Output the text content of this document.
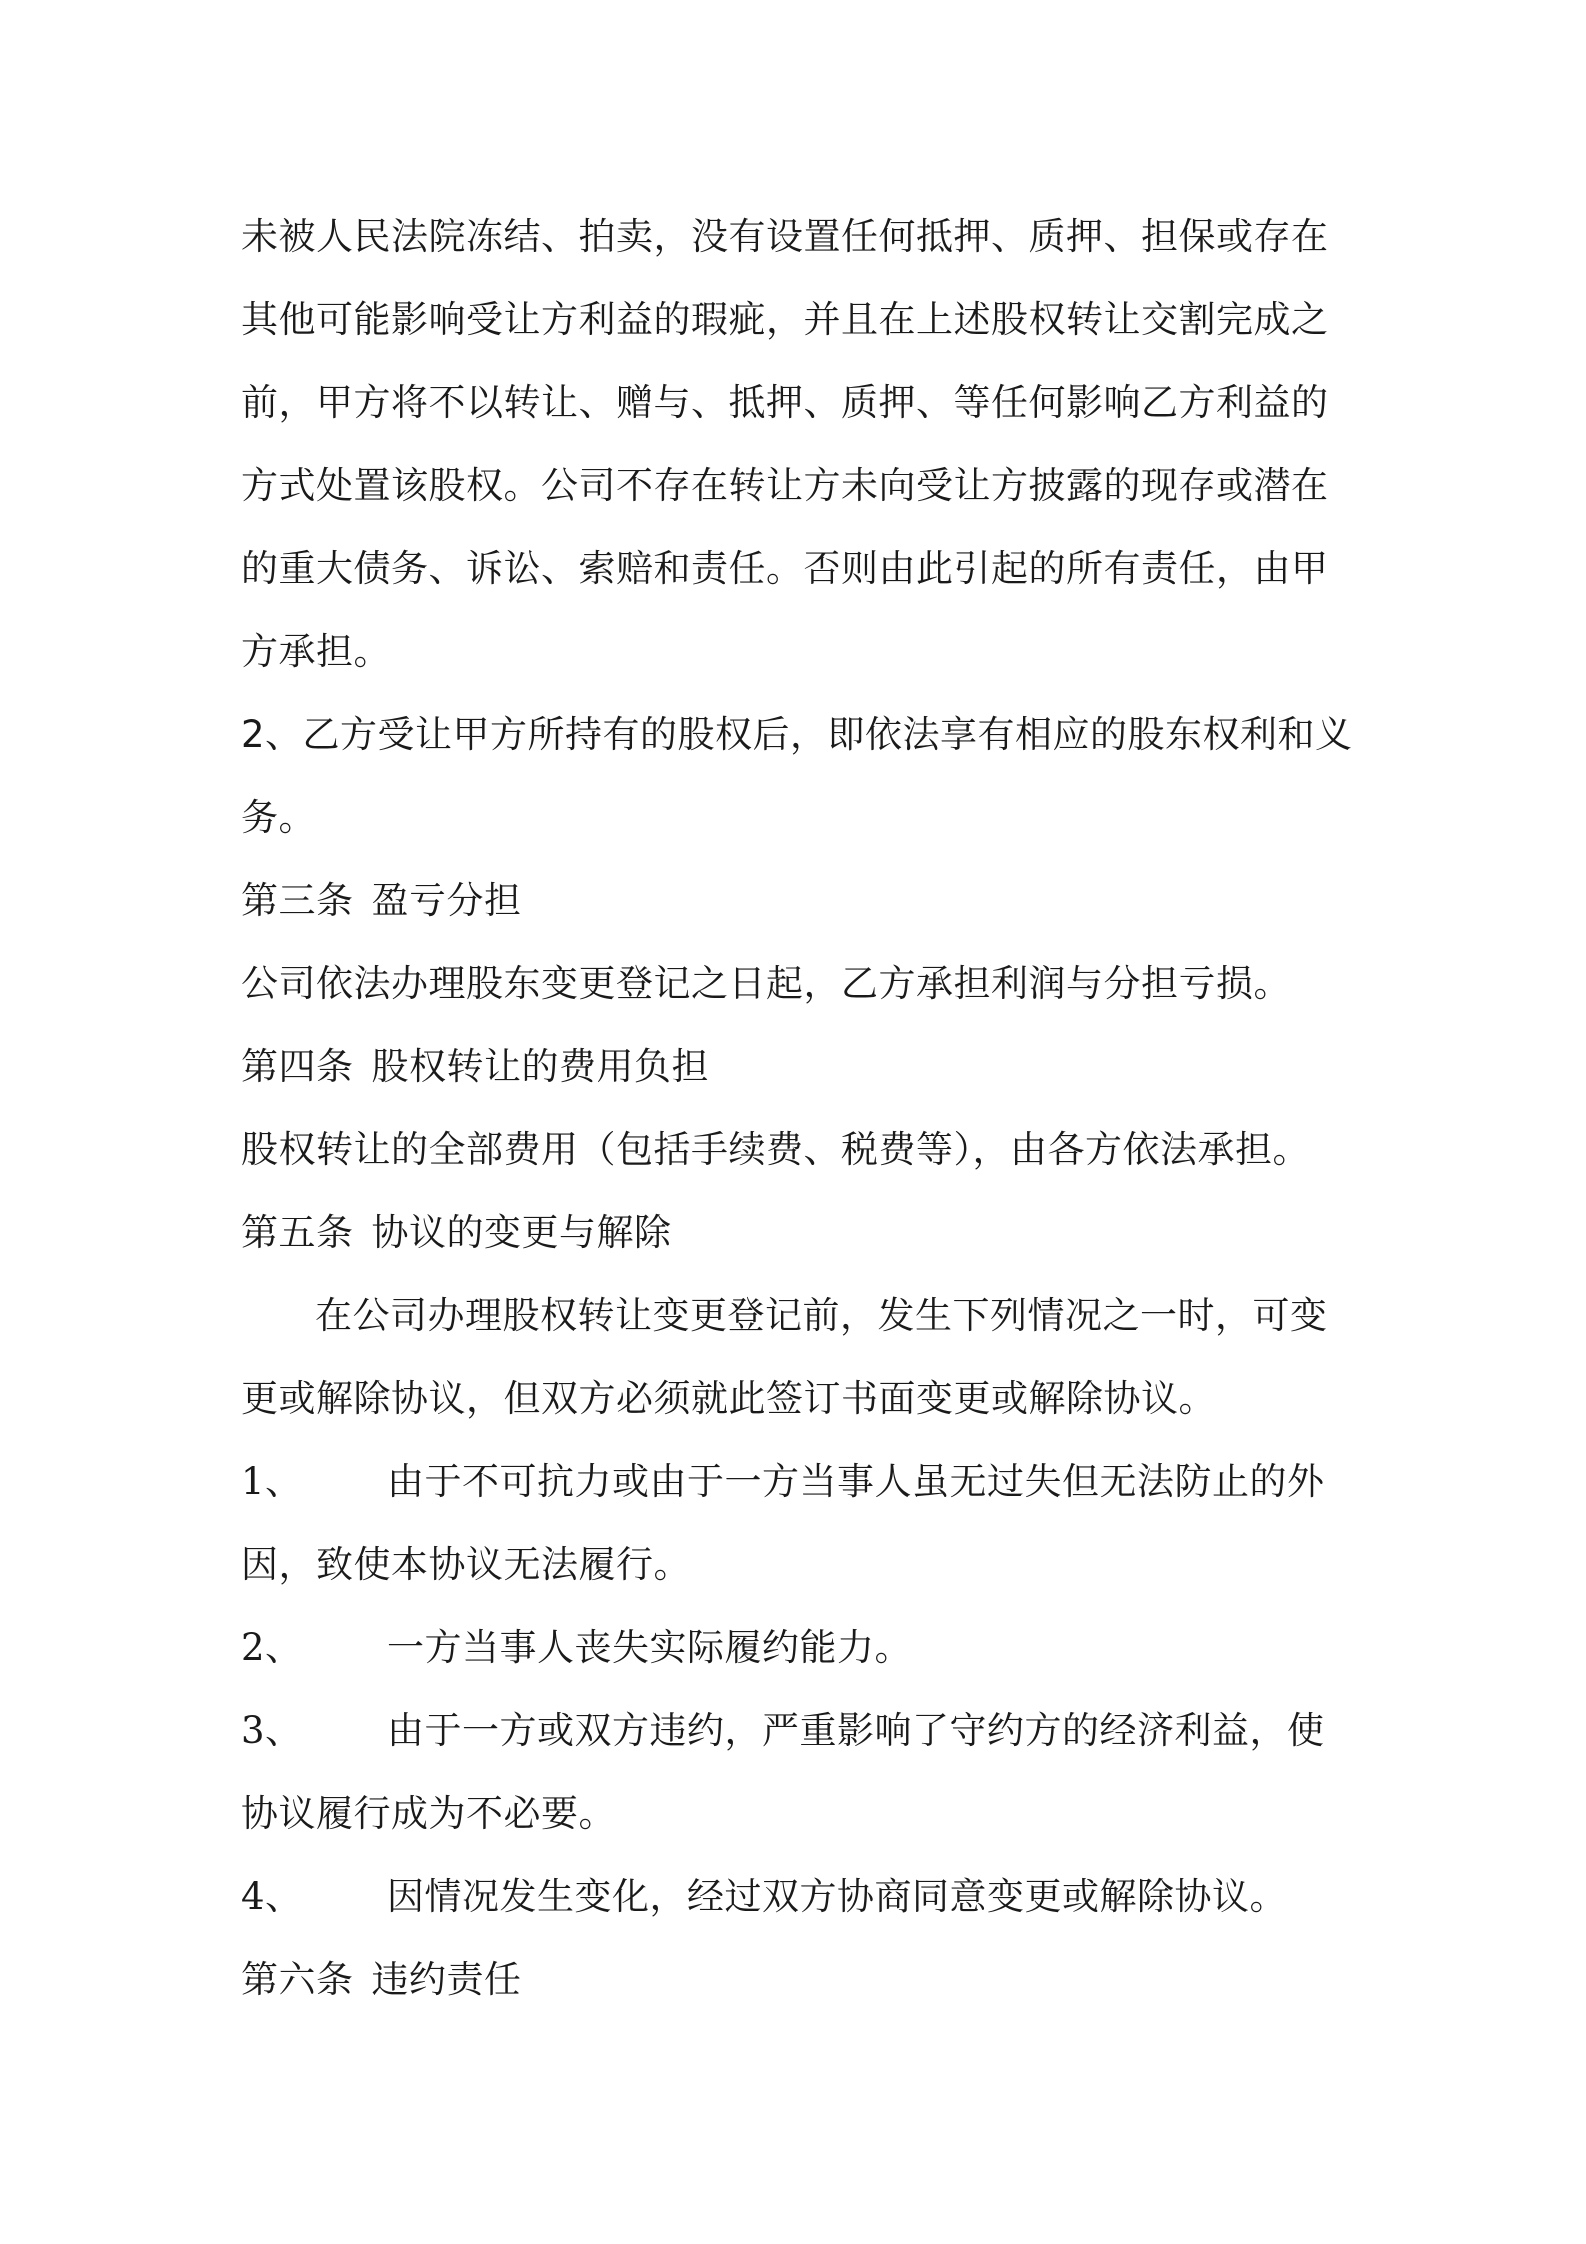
未被人民法院冻结、拍卖，没有设置任何抵押、质押、担保或存在
其他可能影响受让方利益的瑕疵，并且在上述股权转让交割完成之
前，甲方将不以转让、赠与、抵押、质押、等任何影响乙方利益的
方式处置该股权。公司不存在转让方未向受让方披露的现存或潜在
的重大债务、诉讼、索赔和责任。否则由此引起的所有责任，由甲
方承担。
2、乙方受让甲方所持有的股权后，即依法享有相应的股东权利和义
务。
第三条 盈亏分担
公司依法办理股东变更登记之日起，乙方承担利润与分担亏损。
第四条 股权转让的费用负担
股权转让的全部费用（包括手续费、税费等），由各方依法承担。
第五条 协议的变更与解除
在公司办理股权转让变更登记前，发生下列情况之一时，可变
更或解除协议，但双方必须就此签订书面变更或解除协议。
1、 由于不可抗力或由于一方当事人虽无过失但无法防止的外
因，致使本协议无法履行。
2、 一方当事人丧失实际履约能力。
3、 由于一方或双方违约，严重影响了守约方的经济利益，使
协议履行成为不必要。
4、 因情况发生变化，经过双方协商同意变更或解除协议。
第六条 违约责任
